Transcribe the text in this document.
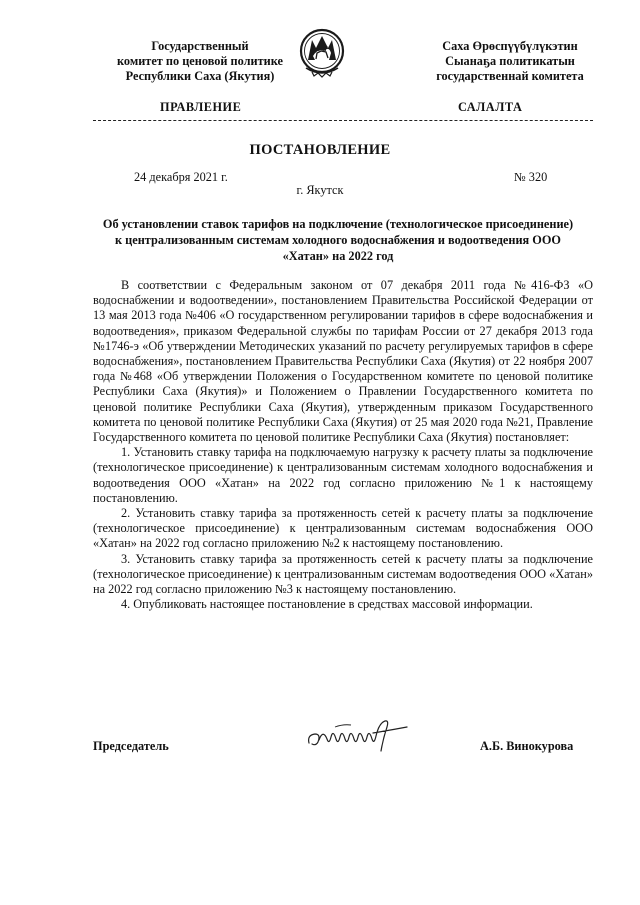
Государственный
комитет по ценовой политике
Республики Саха (Якутия)
Саха Өрөспүүбүлүкэтин
Сыанаҕа политикатын
государственнай комитета
ПРАВЛЕНИЕ	САЛАЛТА
ПОСТАНОВЛЕНИЕ
24 декабря 2021 г.	№ 320
г. Якутск
Об установлении ставок тарифов на подключение (технологическое присоединение) к централизованным системам холодного водоснабжения и водоотведения ООО «Хатан» на 2022 год

В соответствии с Федеральным законом от 07 декабря 2011 года №416-ФЗ «О водоснабжении и водоотведении», постановлением Правительства Российской Федерации от 13 мая 2013 года №406 «О государственном регулировании тарифов в сфере водоснабжения и водоотведения», приказом Федеральной службы по тарифам России от 27 декабря 2013 года №1746-э «Об утверждении Методических указаний по расчету регулируемых тарифов в сфере водоснабжения», постановлением Правительства Республики Саха (Якутия) от 22 ноября 2007 года №468 «Об утверждении Положения о Государственном комитете по ценовой политике Республики Саха (Якутия)» и Положением о Правлении Государственного комитета по ценовой политике Республики Саха (Якутия), утвержденным приказом Государственного комитета по ценовой политике Республики Саха (Якутия) от 25 мая 2020 года №21, Правление Государственного комитета по ценовой политике Республики Саха (Якутия) постановляет:

1. Установить ставку тарифа на подключаемую нагрузку к расчету платы за подключение (технологическое присоединение) к централизованным системам холодного водоснабжения и водоотведения ООО «Хатан» на 2022 год согласно приложению №1 к настоящему постановлению.

2. Установить ставку тарифа за протяженность сетей к расчету платы за подключение (технологическое присоединение) к централизованным системам водоснабжения ООО «Хатан» на 2022 год согласно приложению №2 к настоящему постановлению.

3. Установить ставку тарифа за протяженность сетей к расчету платы за подключение (технологическое присоединение) к централизованным системам водоотведения ООО «Хатан» на 2022 год согласно приложению №3 к настоящему постановлению.

4. Опубликовать настоящее постановление в средствах массовой информации.

Председатель	А.Б. Винокурова
